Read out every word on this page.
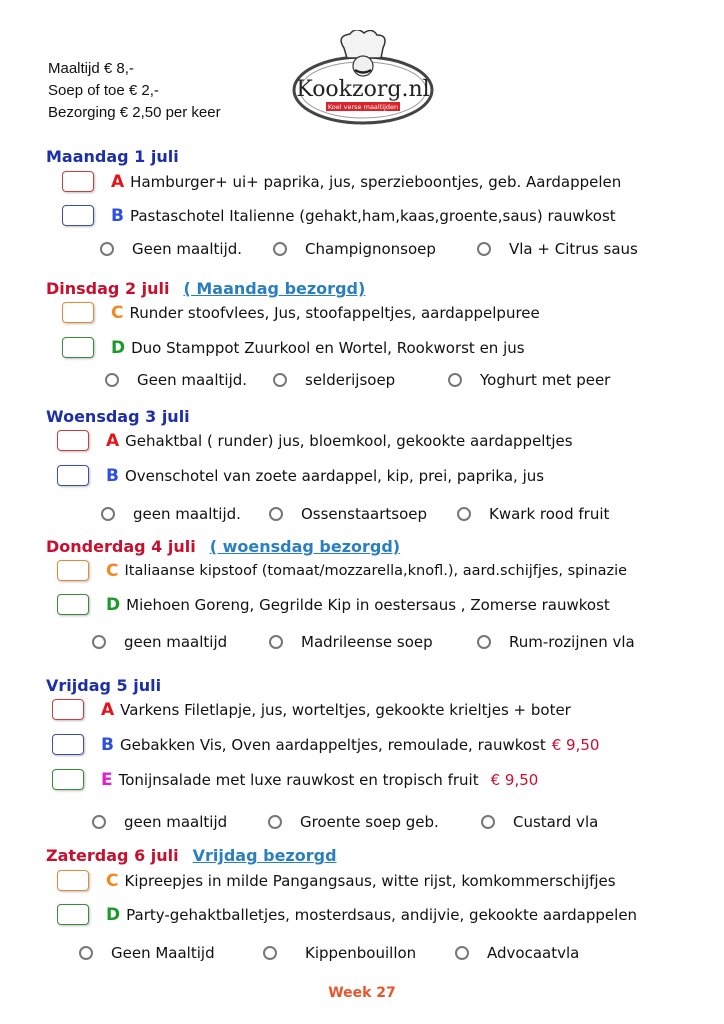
Maaltijd € 8,-
Soep of toe € 2,-
Bezorging € 2,50 per keer
Kookzorg.nl
Koel verse maaltijden
Maandag 1 juli
A Hamburger+ ui+ paprika, jus, sperzieboontjes, geb. Aardappelen
B Pastaschotel Italienne (gehakt,ham,kaas,groente,saus) rauwkost
Geen maaltijd.	Champignonsoep	Vla + Citrus saus
Dinsdag 2 juli ( Maandag bezorgd)
C Runder stoofvlees, Jus, stoofappeltjes, aardappelpuree
D Duo Stamppot Zuurkool en Wortel, Rookworst en jus
Geen maaltijd.	selderijsoep	Yoghurt met peer
Woensdag 3 juli
A Gehaktbal ( runder) jus, bloemkool, gekookte aardappeltjes
B Ovenschotel van zoete aardappel, kip, prei, paprika, jus
geen maaltijd.	Ossenstaartsoep	Kwark rood fruit
Donderdag 4 juli ( woensdag bezorgd)
C Italiaanse kipstoof (tomaat/mozzarella,knofl.), aard.schijfjes, spinazie
D Miehoen Goreng, Gegrilde Kip in oestersaus , Zomerse rauwkost
geen maaltijd	Madrileense soep	Rum-rozijnen vla
Vrijdag 5 juli
A Varkens Filetlapje, jus, worteltjes, gekookte krieltjes + boter
B Gebakken Vis, Oven aardappeltjes, remoulade, rauwkost € 9,50
E Tonijnsalade met luxe rauwkost en tropisch fruit € 9,50
geen maaltijd	Groente soep geb.	Custard vla
Zaterdag 6 juli Vrijdag bezorgd
C Kipreepjes in milde Pangangsaus, witte rijst, komkommerschijfjes
D Party-gehaktballetjes, mosterdsaus, andijvie, gekookte aardappelen
Geen Maaltijd	Kippenbouillon	Advocaatvla
Week 27
